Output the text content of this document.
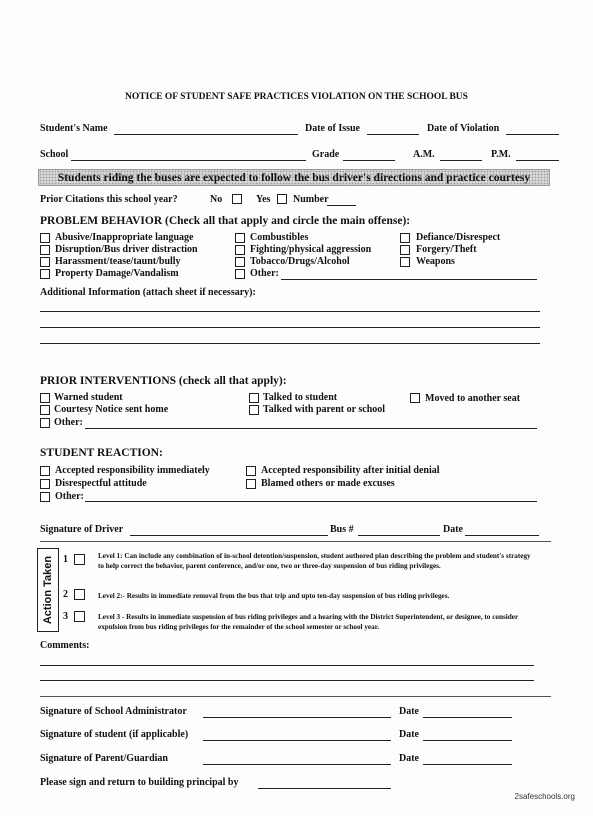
NOTICE OF STUDENT SAFE PRACTICES VIOLATION ON THE SCHOOL BUS
Student's Name	Date of Issue	Date of Violation
School	Grade	A.M.	P.M.
Students riding the buses are expected to follow the bus driver's directions and practice courtesy
Prior Citations this school year?	No	Yes Number
PROBLEM BEHAVIOR (Check all that apply and circle the main offense):
Abusive/Inappropriate language
Disruption/Bus driver distraction
Harassment/tease/taunt/bully
Property Damage/Vandalism
Combustibles
Fighting/physical aggression
Tobacco/Drugs/Alcohol
Other:
Defiance/Disrespect
Forgery/Theft
Weapons
Additional Information (attach sheet if necessary):
PRIOR INTERVENTIONS (check all that apply):
Warned student
Courtesy Notice sent home
Other:
Talked to student
Talked with parent or school
Moved to another seat
STUDENT REACTION:
Accepted responsibility immediately
Disrespectful attitude
Other:
Accepted responsibility after initial denial
Blamed others or made excuses
Signature of Driver	Bus #	Date
Action Taken 1	Level 1: Can include any combination of in-school detention/suspension, student authored plan describing the problem and student's strategy to help correct the behavior, parent conference, and/or one, two or three-day suspension of bus riding privileges.
2	Level 2:- Results in immediate removal from the bus that trip and upto ten-day suspension of bus riding privileges.
3	Level 3 - Results in immediate suspension of bus riding privileges and a hearing with the District Superintendent, or designee, to consider expulsion from bus riding privileges for the remainder of the school semester or school year.
Comments:
Signature of School Administrator	Date
Signature of student (if applicable)	Date
Signature of Parent/Guardian	Date
Please sign and return to building principal by
2safeschools.org
